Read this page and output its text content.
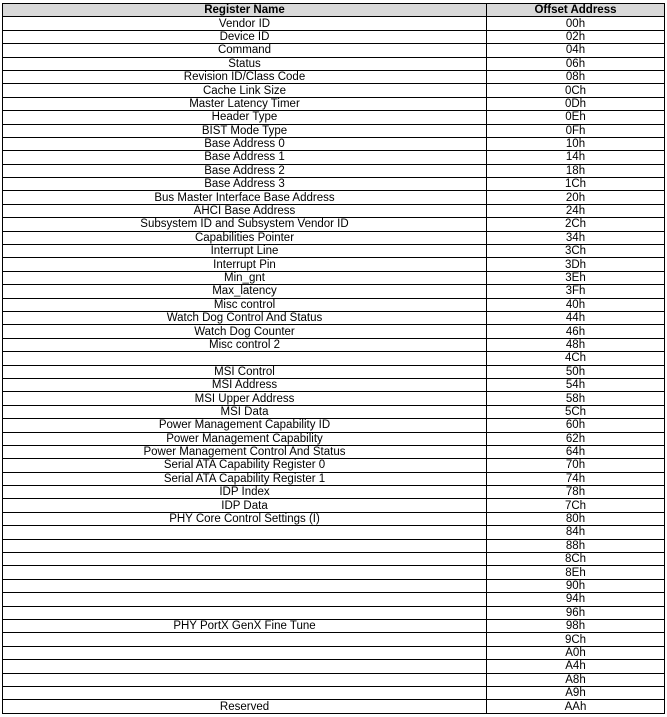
Register Name	Offset Address
Vendor ID	00h
Device ID	02h
Command	04h
Status	06h
Revision ID/Class Code	08h
Cache Link Size	0Ch
Master Latency Timer	0Dh
Header Type	0Eh
BIST Mode Type	0Fh
Base Address 0	10h
Base Address 1	14h
Base Address 2	18h
Base Address 3	1Ch
Bus Master Interface Base Address	20h
AHCI Base Address	24h
Subsystem ID and Subsystem Vendor ID	2Ch
Capabilities Pointer	34h
Interrupt Line	3Ch
Interrupt Pin	3Dh
Min_gnt	3Eh
Max_latency	3Fh
Misc control	40h
Watch Dog Control And Status	44h
Watch Dog Counter	46h
Misc control 2	48h
	4Ch
MSI Control	50h
MSI Address	54h
MSI Upper Address	58h
MSI Data	5Ch
Power Management Capability ID	60h
Power Management Capability	62h
Power Management Control And Status	64h
Serial ATA Capability Register 0	70h
Serial ATA Capability Register 1	74h
IDP Index	78h
IDP Data	7Ch
PHY Core Control Settings (I)	80h
	84h
	88h
	8Ch
	8Eh
	90h
	94h
	96h
PHY PortX GenX Fine Tune	98h
	9Ch
	A0h
	A4h
	A8h
	A9h
Reserved	AAh
